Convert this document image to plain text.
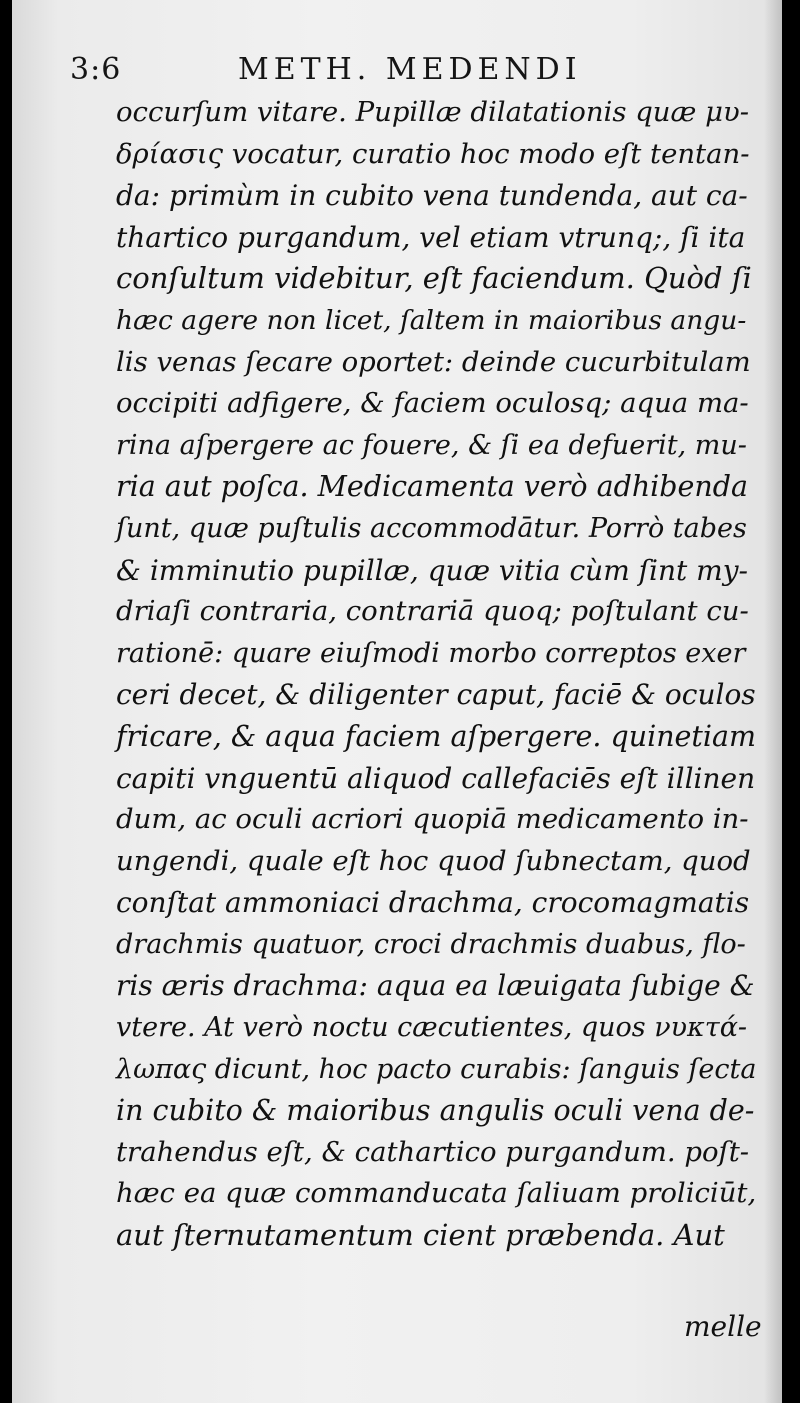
3:6	METH. MEDENDI
occurſum vitare. Pupillæ dilatationis quæ μυ-
δρίασις vocatur, curatio hoc modo eſt tentan-
da: primùm in cubito vena tundenda, aut ca-
thartico purgandum, vel etiam vtrunq;, ſi ita
conſultum videbitur, eſt faciendum. Quòd ſi
hæc agere non licet, ſaltem in maioribus angu-
lis venas ſecare oportet: deinde cucurbitulam
occipiti adfigere, & faciem oculosq; aqua ma-
rina aſpergere ac fouere, & ſi ea defuerit, mu-
ria aut poſca. Medicamenta verò adhibenda
ſunt, quæ puſtulis accommodātur. Porrò tabes
& imminutio pupillæ, quæ vitia cùm ſint my-
driaſi contraria, contrariā quoq; poſtulant cu-
rationē: quare eiuſmodi morbo correptos exer
ceri decet, & diligenter caput, faciē & oculos
fricare, & aqua faciem aſpergere. quinetiam
capiti vnguentū aliquod callefaciēs eſt illinen
dum, ac oculi acriori quopiā medicamento in-
ungendi, quale eſt hoc quod ſubnectam, quod
conſtat ammoniaci drachma, crocomagmatis
drachmis quatuor, croci drachmis duabus, flo-
ris æris drachma: aqua ea læuigata ſubige &
vtere. At verò noctu cæcutientes, quos νυκτά-
λωπας dicunt, hoc pacto curabis: ſanguis ſecta
in cubito & maioribus angulis oculi vena de-
trahendus eſt, & cathartico purgandum. poſt-
hæc ea quæ commanducata ſaliuam proliciūt,
aut ſternutamentum cient præbenda. Aut
melle
